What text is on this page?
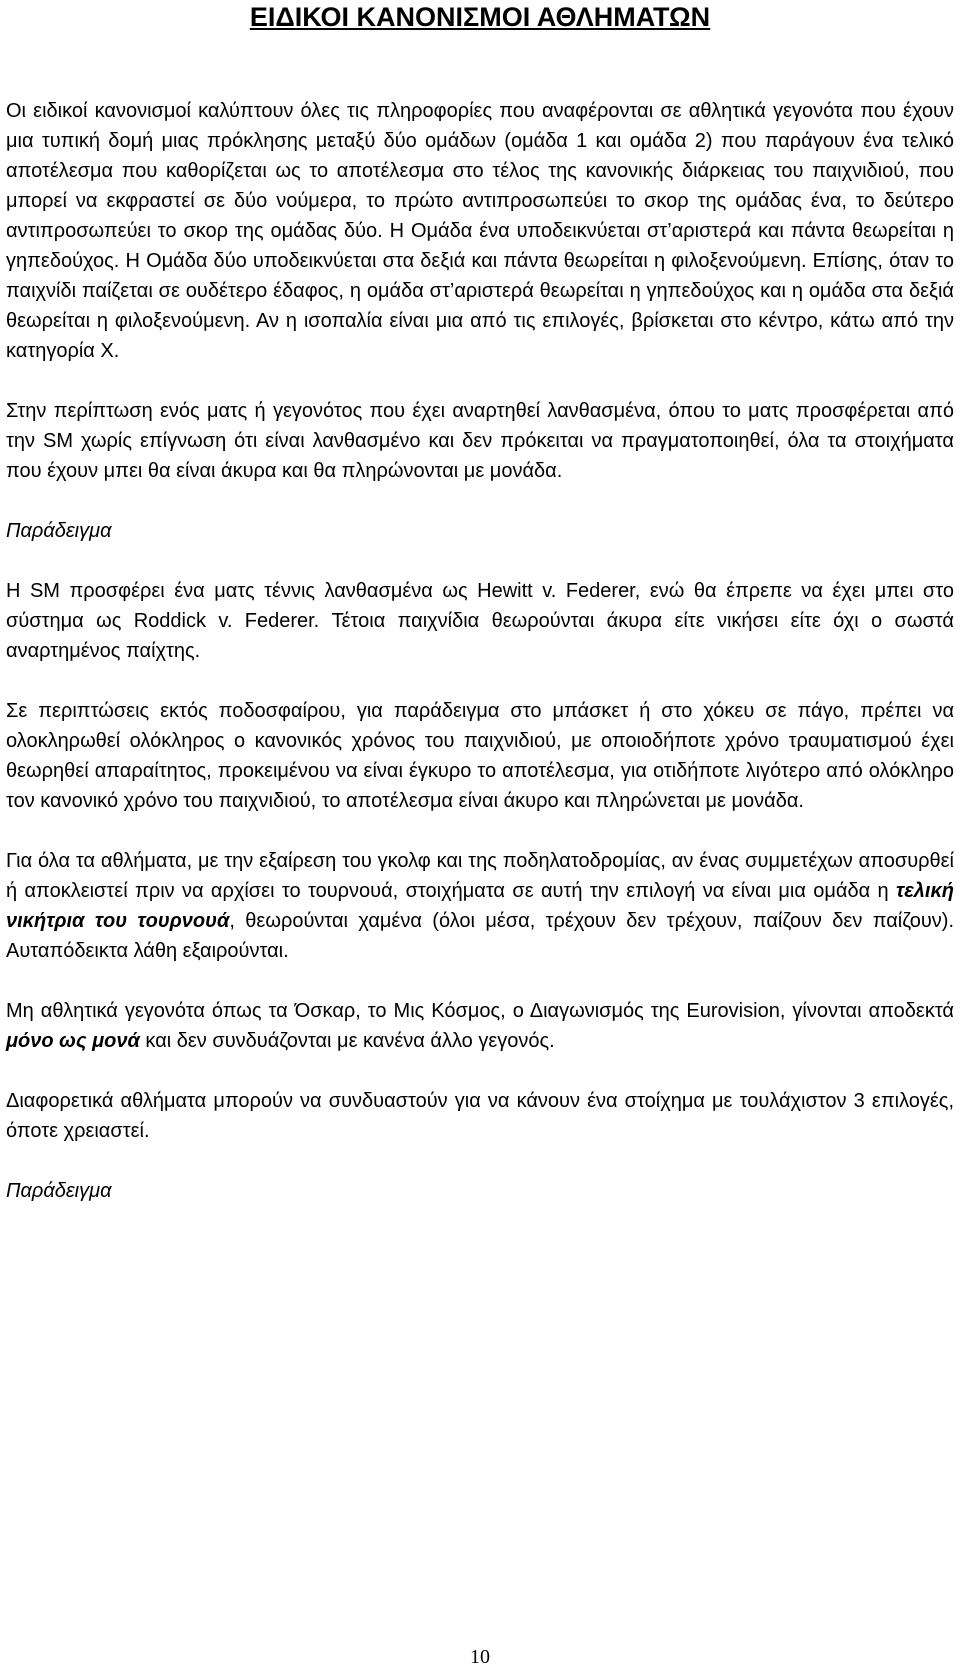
ΕΙΔΙΚΟΙ ΚΑΝΟΝΙΣΜΟΙ ΑΘΛΗΜΑΤΩΝ

Οι ειδικοί κανονισμοί καλύπτουν όλες τις πληροφορίες που αναφέρονται σε αθλητικά γεγονότα που έχουν μια τυπική δομή μιας πρόκλησης μεταξύ δύο ομάδων (ομάδα 1 και ομάδα 2) που παράγουν ένα τελικό αποτέλεσμα που καθορίζεται ως το αποτέλεσμα στο τέλος της κανονικής διάρκειας του παιχνιδιού, που μπορεί να εκφραστεί σε δύο νούμερα, το πρώτο αντιπροσωπεύει το σκορ της ομάδας ένα, το δεύτερο αντιπροσωπεύει το σκορ της ομάδας δύο. Η Ομάδα ένα υποδεικνύεται στ’αριστερά και πάντα θεωρείται η γηπεδούχος. Η Ομάδα δύο υποδεικνύεται στα δεξιά και πάντα θεωρείται η φιλοξενούμενη. Επίσης, όταν το παιχνίδι παίζεται σε ουδέτερο έδαφος, η ομάδα στ’αριστερά θεωρείται η γηπεδούχος και η ομάδα στα δεξιά θεωρείται η φιλοξενούμενη. Αν η ισοπαλία είναι μια από τις επιλογές, βρίσκεται στο κέντρο, κάτω από την κατηγορία Χ.

Στην περίπτωση ενός ματς ή γεγονότος που έχει αναρτηθεί λανθασμένα, όπου το ματς προσφέρεται από την SM χωρίς επίγνωση ότι είναι λανθασμένο και δεν πρόκειται να πραγματοποιηθεί, όλα τα στοιχήματα που έχουν μπει θα είναι άκυρα και θα πληρώνονται με μονάδα.

Παράδειγμα

Η SM προσφέρει ένα ματς τέννις λανθασμένα ως Hewitt v. Federer, ενώ θα έπρεπε να έχει μπει στο σύστημα ως Roddick v. Federer. Τέτοια παιχνίδια θεωρούνται άκυρα είτε νικήσει είτε όχι ο σωστά αναρτημένος παίχτης.

Σε περιπτώσεις εκτός ποδοσφαίρου, για παράδειγμα στο μπάσκετ ή στο χόκευ σε πάγο, πρέπει να ολοκληρωθεί ολόκληρος ο κανονικός χρόνος του παιχνιδιού, με οποιοδήποτε χρόνο τραυματισμού έχει θεωρηθεί απαραίτητος, προκειμένου να είναι έγκυρο το αποτέλεσμα, για οτιδήποτε λιγότερο από ολόκληρο τον κανονικό χρόνο του παιχνιδιού, το αποτέλεσμα είναι άκυρο και πληρώνεται με μονάδα.

Για όλα τα αθλήματα, με την εξαίρεση του γκολφ και της ποδηλατοδρομίας, αν ένας συμμετέχων αποσυρθεί ή αποκλειστεί πριν να αρχίσει το τουρνουά, στοιχήματα σε αυτή την επιλογή να είναι μια ομάδα η τελική νικήτρια του τουρνουά, θεωρούνται χαμένα (όλοι μέσα, τρέχουν δεν τρέχουν, παίζουν δεν παίζουν). Αυταπόδεικτα λάθη εξαιρούνται.

Μη αθλητικά γεγονότα όπως τα Όσκαρ, το Μις Κόσμος, ο Διαγωνισμός της Eurovision, γίνονται αποδεκτά μόνο ως μονά και δεν συνδυάζονται με κανένα άλλο γεγονός.

Διαφορετικά αθλήματα μπορούν να συνδυαστούν για να κάνουν ένα στοίχημα με τουλάχιστον 3 επιλογές, όποτε χρειαστεί.

Παράδειγμα

10
